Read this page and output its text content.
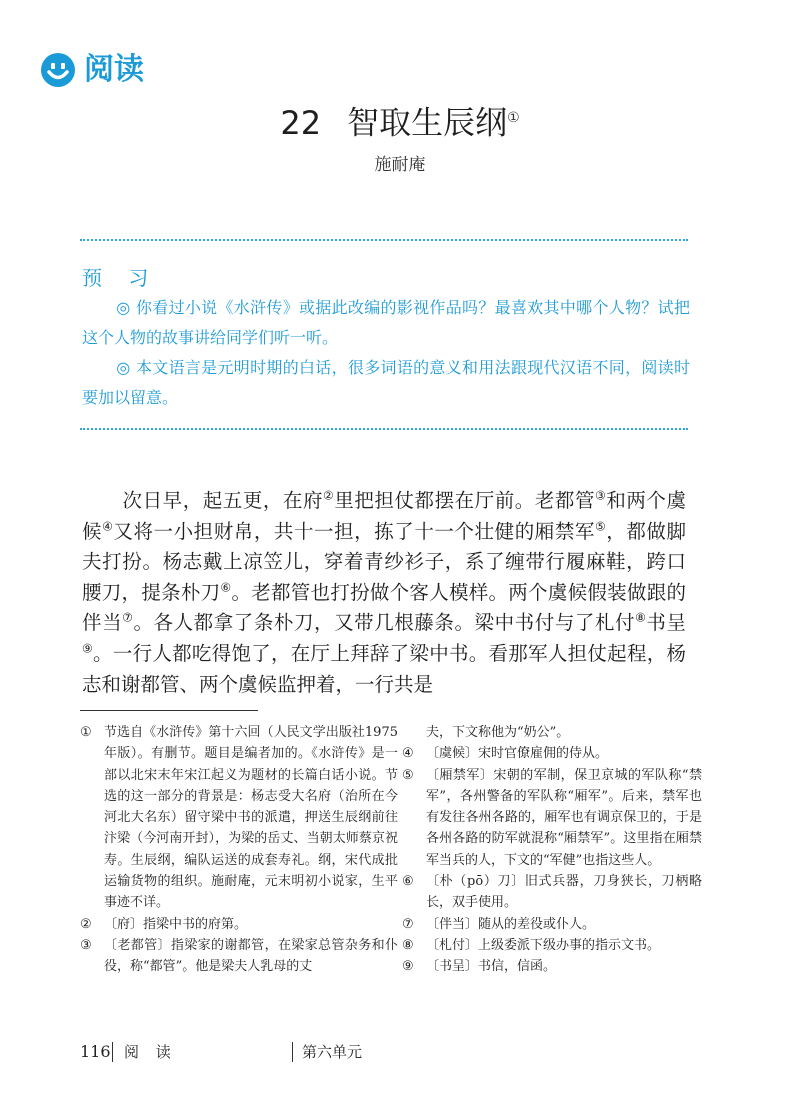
阅读
22 智取生辰纲①
施耐庵
预 习

◎ 你看过小说《水浒传》或据此改编的影视作品吗？最喜欢其中哪个人物？试把这个人物的故事讲给同学们听一听。

◎ 本文语言是元明时期的白话，很多词语的意义和用法跟现代汉语不同，阅读时要加以留意。

次日早，起五更，在府②里把担仗都摆在厅前。老都管③和两个虞候④又将一小担财帛，共十一担，拣了十一个壮健的厢禁军⑤，都做脚夫打扮。杨志戴上凉笠儿，穿着青纱衫子，系了缠带行履麻鞋，跨口腰刀，提条朴刀⑥。老都管也打扮做个客人模样。两个虞候假装做跟的伴当⑦。各人都拿了条朴刀，又带几根藤条。梁中书付与了札付⑧书呈⑨。一行人都吃得饱了，在厅上拜辞了梁中书。看那军人担仗起程，杨志和谢都管、两个虞候监押着，一行共是

① 节选自《水浒传》第十六回（人民文学出版社1975年版）。有删节。题目是编者加的。《水浒传》是一部以北宋末年宋江起义为题材的长篇白话小说。节选的这一部分的背景是：杨志受大名府（治所在今河北大名东）留守梁中书的派遣，押送生辰纲前往汴梁（今河南开封），为梁的岳丈、当朝太师蔡京祝寿。生辰纲，编队运送的成套寿礼。纲，宋代成批运输货物的组织。施耐庵，元末明初小说家，生平事迹不详。
② 〔府〕指梁中书的府第。
③ 〔老都管〕指梁家的谢都管，在梁家总管杂务和仆役，称“都管”。他是梁夫人乳母的丈
夫，下文称他为“奶公”。
④ 〔虞候〕宋时官僚雇佣的侍从。
⑤ 〔厢禁军〕宋朝的军制，保卫京城的军队称“禁军”，各州警备的军队称“厢军”。后来，禁军也有发往各州各路的，厢军也有调京保卫的，于是各州各路的防军就混称“厢禁军”。这里指在厢禁军当兵的人，下文的“军健”也指这些人。
⑥ 〔朴（pō）刀〕旧式兵器，刀身狭长，刀柄略长，双手使用。
⑦ 〔伴当〕随从的差役或仆人。
⑧ 〔札付〕上级委派下级办事的指示文书。
⑨ 〔书呈〕书信，信函。
116 阅 读	第六单元
